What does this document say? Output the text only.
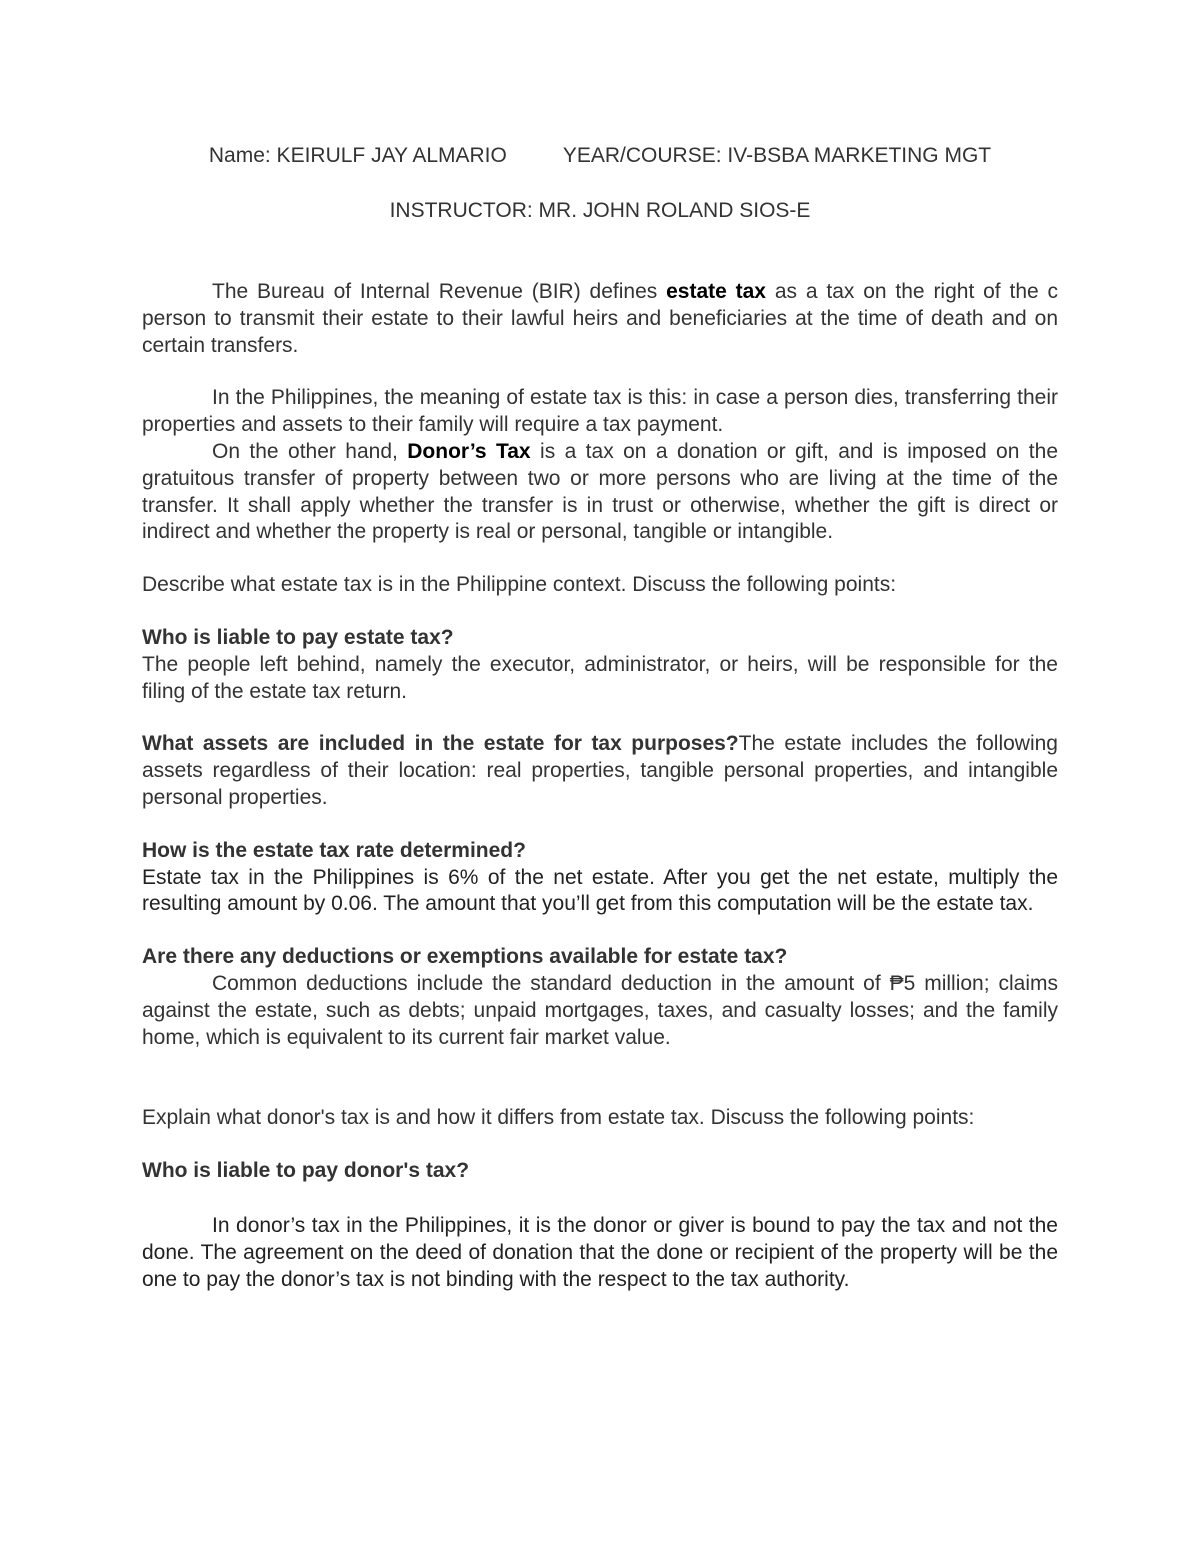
Name: KEIRULF JAY ALMARIO	YEAR/COURSE: IV-BSBA MARKETING MGT
INSTRUCTOR: MR. JOHN ROLAND SIOS-E

The Bureau of Internal Revenue (BIR) defines estate tax as a tax on the right of the c person to transmit their estate to their lawful heirs and beneficiaries at the time of death and on certain transfers.

In the Philippines, the meaning of estate tax is this: in case a person dies, transferring their properties and assets to their family will require a tax payment.

On the other hand, Donor’s Tax is a tax on a donation or gift, and is imposed on the gratuitous transfer of property between two or more persons who are living at the time of the transfer. It shall apply whether the transfer is in trust or otherwise, whether the gift is direct or indirect and whether the property is real or personal, tangible or intangible.

Describe what estate tax is in the Philippine context. Discuss the following points:

Who is liable to pay estate tax?

The people left behind, namely the executor, administrator, or heirs, will be responsible for the filing of the estate tax return.

What assets are included in the estate for tax purposes?The estate includes the following assets regardless of their location: real properties, tangible personal properties, and intangible personal properties.

How is the estate tax rate determined?

Estate tax in the Philippines is 6% of the net estate. After you get the net estate, multiply the resulting amount by 0.06. The amount that you’ll get from this computation will be the estate tax.

Are there any deductions or exemptions available for estate tax?

Common deductions include the standard deduction in the amount of ₱5 million; claims against the estate, such as debts; unpaid mortgages, taxes, and casualty losses; and the family home, which is equivalent to its current fair market value.

Explain what donor's tax is and how it differs from estate tax. Discuss the following points:

Who is liable to pay donor's tax?

In donor’s tax in the Philippines, it is the donor or giver is bound to pay the tax and not the done. The agreement on the deed of donation that the done or recipient of the property will be the one to pay the donor’s tax is not binding with the respect to the tax authority.
